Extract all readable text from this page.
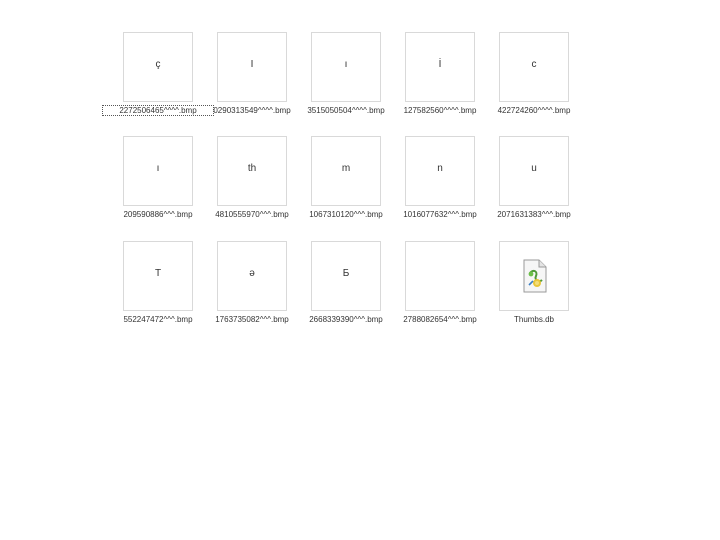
ç
2272506465^^^^.bmp
I
0290313549^^^^.bmp
ı
3515050504^^^^.bmp
İ
127582560^^^^.bmp
c
422724260^^^^.bmp
ı
209590886^^^.bmp
th
4810555970^^^.bmp
m
1067310120^^^.bmp
n
1016077632^^^.bmp
u
2071631383^^^.bmp
T
552247472^^^.bmp
ə
1763735082^^^.bmp
Б
2668339390^^^.bmp	2788082654^^^.bmp	Thumbs.db
